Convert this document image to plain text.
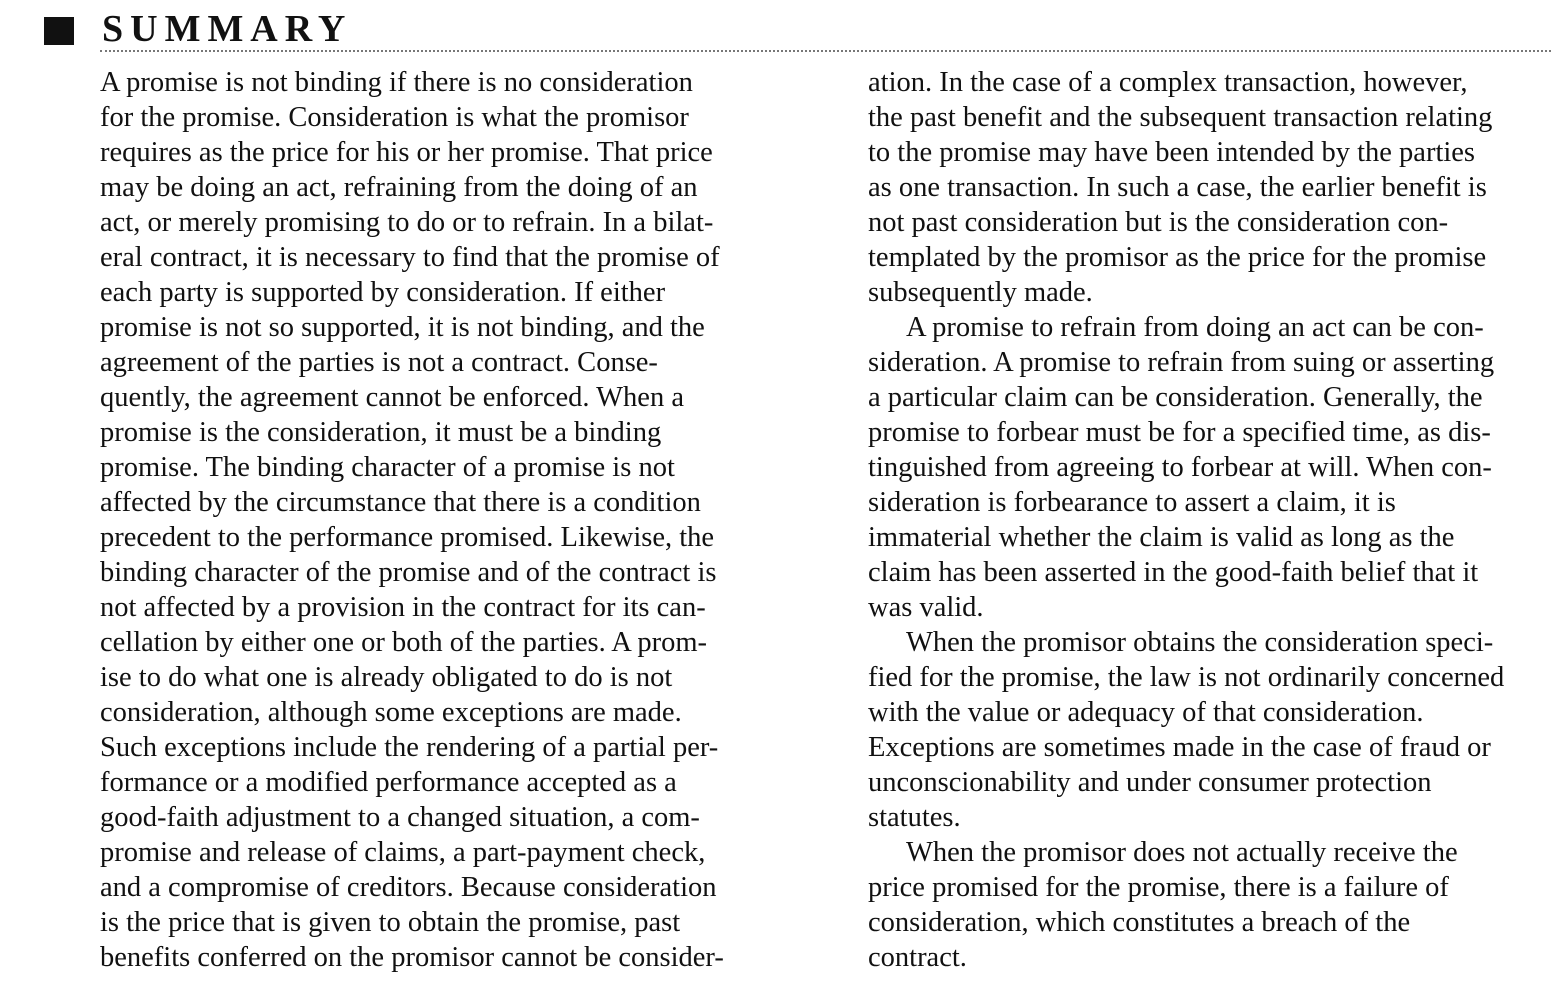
SUMMARY
A promise is not binding if there is no consideration
for the promise. Consideration is what the promisor
requires as the price for his or her promise. That price
may be doing an act, refraining from the doing of an
act, or merely promising to do or to refrain. In a bilat-
eral contract, it is necessary to find that the promise of
each party is supported by consideration. If either
promise is not so supported, it is not binding, and the
agreement of the parties is not a contract. Conse-
quently, the agreement cannot be enforced. When a
promise is the consideration, it must be a binding
promise. The binding character of a promise is not
affected by the circumstance that there is a condition
precedent to the performance promised. Likewise, the
binding character of the promise and of the contract is
not affected by a provision in the contract for its can-
cellation by either one or both of the parties. A prom-
ise to do what one is already obligated to do is not
consideration, although some exceptions are made.
Such exceptions include the rendering of a partial per-
formance or a modified performance accepted as a
good-faith adjustment to a changed situation, a com-
promise and release of claims, a part-payment check,
and a compromise of creditors. Because consideration
is the price that is given to obtain the promise, past
benefits conferred on the promisor cannot be consider-
ation. In the case of a complex transaction, however,
the past benefit and the subsequent transaction relating
to the promise may have been intended by the parties
as one transaction. In such a case, the earlier benefit is
not past consideration but is the consideration con-
templated by the promisor as the price for the promise
subsequently made.
A promise to refrain from doing an act can be con-
sideration. A promise to refrain from suing or asserting
a particular claim can be consideration. Generally, the
promise to forbear must be for a specified time, as dis-
tinguished from agreeing to forbear at will. When con-
sideration is forbearance to assert a claim, it is
immaterial whether the claim is valid as long as the
claim has been asserted in the good-faith belief that it
was valid.
When the promisor obtains the consideration speci-
fied for the promise, the law is not ordinarily concerned
with the value or adequacy of that consideration.
Exceptions are sometimes made in the case of fraud or
unconscionability and under consumer protection
statutes.
When the promisor does not actually receive the
price promised for the promise, there is a failure of
consideration, which constitutes a breach of the
contract.
